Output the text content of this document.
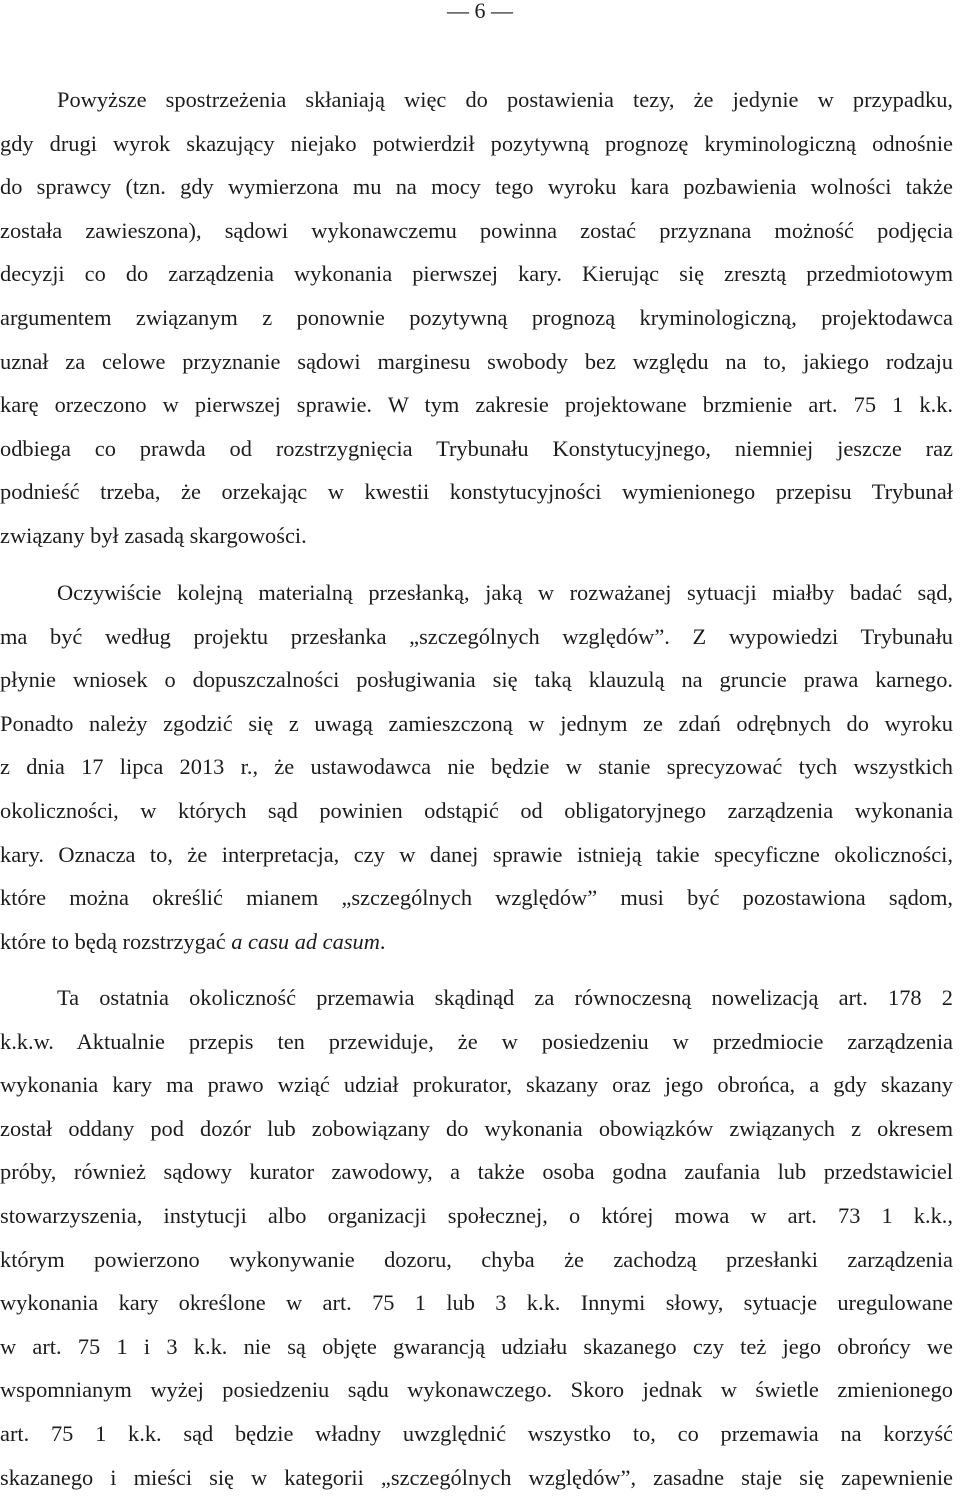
— 6 —
Powyższe spostrzeżenia skłaniają więc do postawienia tezy, że jedynie w przypadku,
gdy drugi wyrok skazujący niejako potwierdził pozytywną prognozę kryminologiczną odnośnie
do sprawcy (tzn. gdy wymierzona mu na mocy tego wyroku kara pozbawienia wolności także
została zawieszona), sądowi wykonawczemu powinna zostać przyznana możność podjęcia
decyzji co do zarządzenia wykonania pierwszej kary. Kierując się zresztą przedmiotowym
argumentem związanym z ponownie pozytywną prognozą kryminologiczną, projektodawca
uznał za celowe przyznanie sądowi marginesu swobody bez względu na to, jakiego rodzaju
karę orzeczono w pierwszej sprawie. W tym zakresie projektowane brzmienie art. 75 1 k.k.
odbiega co prawda od rozstrzygnięcia Trybunału Konstytucyjnego, niemniej jeszcze raz
podnieść trzeba, że orzekając w kwestii konstytucyjności wymienionego przepisu Trybunał
związany był zasadą skargowości.
Oczywiście kolejną materialną przesłanką, jaką w rozważanej sytuacji miałby badać sąd,
ma być według projektu przesłanka „szczególnych względów”. Z wypowiedzi Trybunału
płynie wniosek o dopuszczalności posługiwania się taką klauzulą na gruncie prawa karnego.
Ponadto należy zgodzić się z uwagą zamieszczoną w jednym ze zdań odrębnych do wyroku
z dnia 17 lipca 2013 r., że ustawodawca nie będzie w stanie sprecyzować tych wszystkich
okoliczności, w których sąd powinien odstąpić od obligatoryjnego zarządzenia wykonania
kary. Oznacza to, że interpretacja, czy w danej sprawie istnieją takie specyficzne okoliczności,
które można określić mianem „szczególnych względów” musi być pozostawiona sądom,
które to będą rozstrzygać a casu ad casum.
Ta ostatnia okoliczność przemawia skądinąd za równoczesną nowelizacją art. 178 2
k.k.w. Aktualnie przepis ten przewiduje, że w posiedzeniu w przedmiocie zarządzenia
wykonania kary ma prawo wziąć udział prokurator, skazany oraz jego obrońca, a gdy skazany
został oddany pod dozór lub zobowiązany do wykonania obowiązków związanych z okresem
próby, również sądowy kurator zawodowy, a także osoba godna zaufania lub przedstawiciel
stowarzyszenia, instytucji albo organizacji społecznej, o której mowa w art. 73 1 k.k.,
którym powierzono wykonywanie dozoru, chyba że zachodzą przesłanki zarządzenia
wykonania kary określone w art. 75 1 lub 3 k.k. Innymi słowy, sytuacje uregulowane
w art. 75 1 i 3 k.k. nie są objęte gwarancją udziału skazanego czy też jego obrońcy we
wspomnianym wyżej posiedzeniu sądu wykonawczego. Skoro jednak w świetle zmienionego
art. 75 1 k.k. sąd będzie władny uwzględnić wszystko to, co przemawia na korzyść
skazanego i mieści się w kategorii „szczególnych względów”, zasadne staje się zapewnienie
